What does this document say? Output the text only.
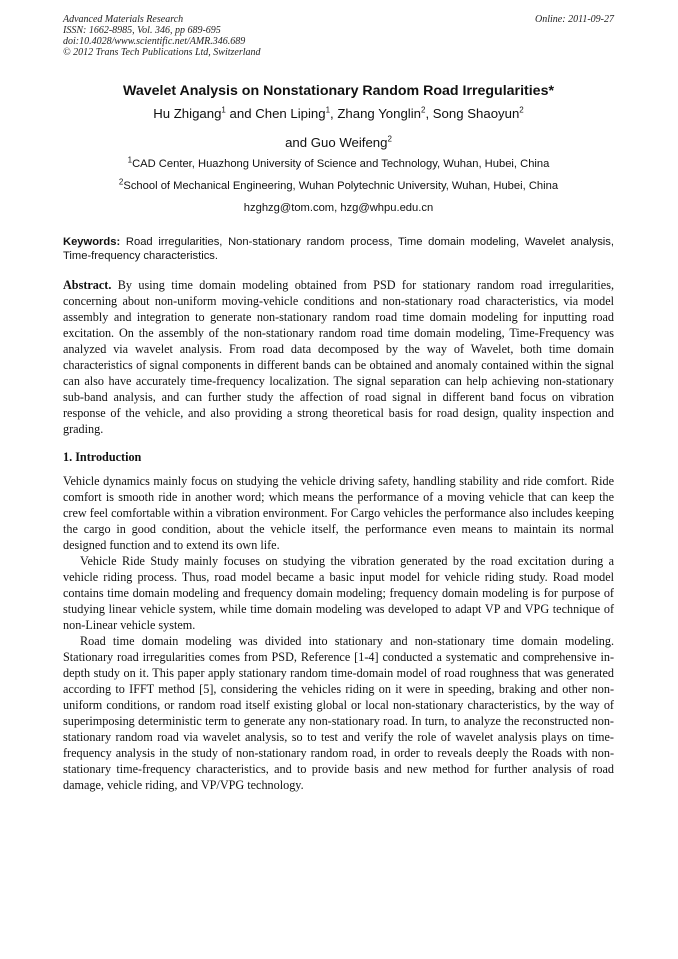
Advanced Materials Research
ISSN: 1662-8985, Vol. 346, pp 689-695
doi:10.4028/www.scientific.net/AMR.346.689
© 2012 Trans Tech Publications Ltd, Switzerland
Online: 2011-09-27
Wavelet Analysis on Nonstationary Random Road Irregularities*
Hu Zhigang$^1$ and Chen Liping$^1$, Zhang Yonglin$^2$, Song Shaoyun$^2$
and Guo Weifeng$^2$
$^1$CAD Center, Huazhong University of Science and Technology, Wuhan, Hubei, China
$^2$School of Mechanical Engineering, Wuhan Polytechnic University, Wuhan, Hubei, China
hzghzg@tom.com, hzg@whpu.edu.cn
Keywords: Road irregularities, Non-stationary random process, Time domain modeling, Wavelet analysis, Time-frequency characteristics.
Abstract. By using time domain modeling obtained from PSD for stationary random road irregularities, concerning about non-uniform moving-vehicle conditions and non-stationary road characteristics, via model assembly and integration to generate non-stationary random road time domain modeling for inputting road excitation. On the assembly of the non-stationary random road time domain modeling, Time-Frequency was analyzed via wavelet analysis. From road data decomposed by the way of Wavelet, both time domain characteristics of signal components in different bands can be obtained and anomaly contained within the signal can also have accurately time-frequency localization. The signal separation can help achieving non-stationary sub-band analysis, and can further study the affection of road signal in different band focus on vibration response of the vehicle, and also providing a strong theoretical basis for road design, quality inspection and grading.
1. Introduction
Vehicle dynamics mainly focus on studying the vehicle driving safety, handling stability and ride comfort. Ride comfort is smooth ride in another word; which means the performance of a moving vehicle that can keep the crew feel comfortable within a vibration environment. For Cargo vehicles the performance also includes keeping the cargo in good condition, about the vehicle itself, the performance even means to maintain its normal designed function and to extend its own life.
Vehicle Ride Study mainly focuses on studying the vibration generated by the road excitation during a vehicle riding process. Thus, road model became a basic input model for vehicle riding study. Road model contains time domain modeling and frequency domain modeling; frequency domain modeling is for purpose of studying linear vehicle system, while time domain modeling was developed to adapt VP and VPG technique of non-Linear vehicle system.
Road time domain modeling was divided into stationary and non-stationary time domain modeling. Stationary road irregularities comes from PSD, Reference [1-4] conducted a systematic and comprehensive in-depth study on it. This paper apply stationary random time-domain model of road roughness that was generated according to IFFT method [5], considering the vehicles riding on it were in speeding, braking and other non-uniform conditions, or random road itself existing global or local non-stationary characteristics, by the way of superimposing deterministic term to generate any non-stationary road. In turn, to analyze the reconstructed non-stationary random road via wavelet analysis, so to test and verify the role of wavelet analysis plays on time-frequency analysis in the study of non-stationary random road, in order to reveals deeply the Roads with non-stationary time-frequency characteristics, and to provide basis and new method for further analysis of road damage, vehicle riding, and VP/VPG technology.
